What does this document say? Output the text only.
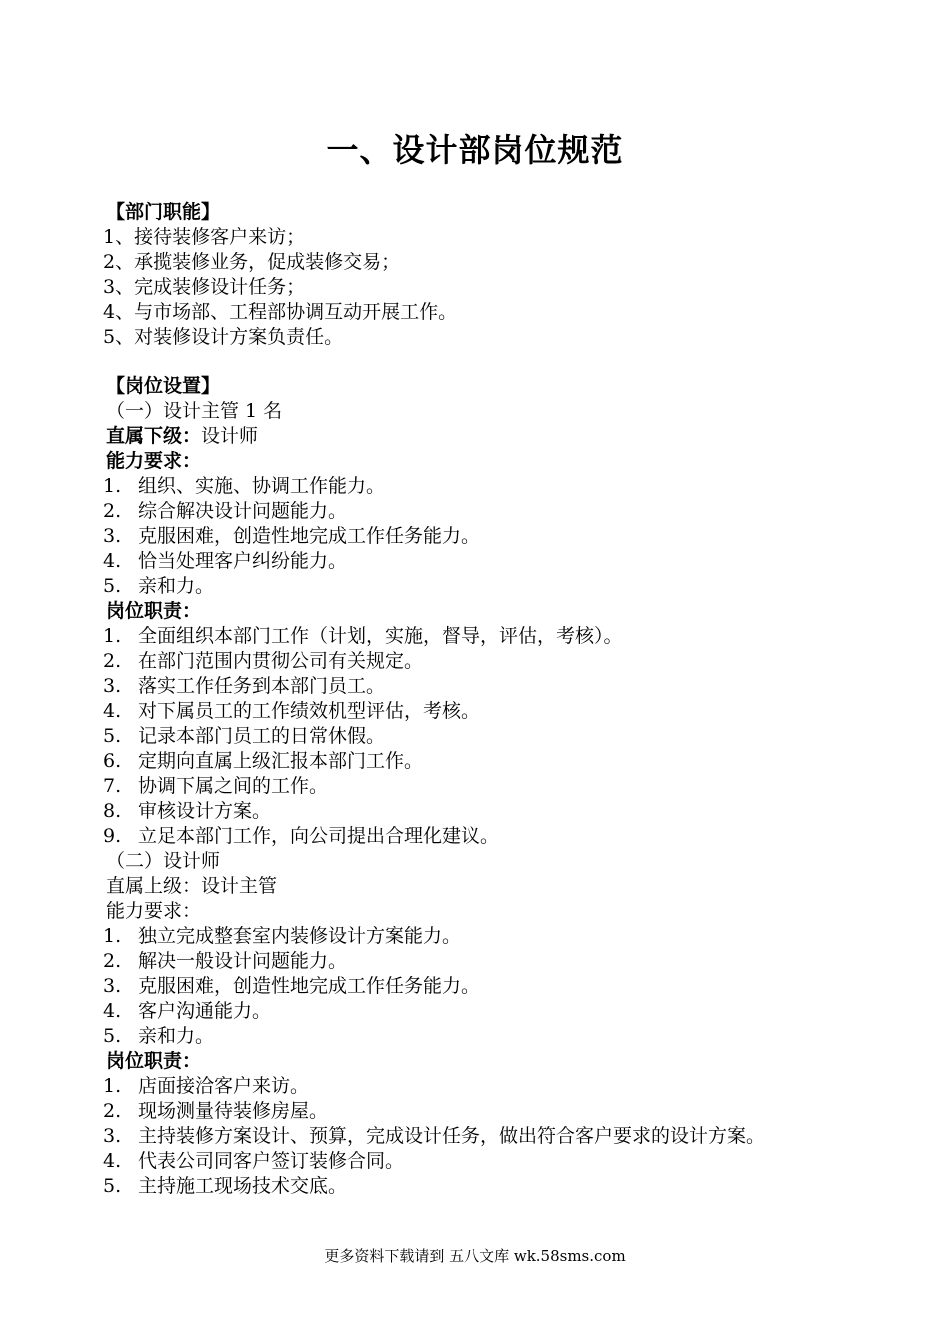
一、设计部岗位规范
【部门职能】
1、接待装修客户来访；
2、承揽装修业务，促成装修交易；
3、完成装修设计任务；
4、与市场部、工程部协调互动开展工作。
5、对装修设计方案负责任。
【岗位设置】
（一）设计主管 1 名
直属下级：设计师
能力要求：
1. 组织、实施、协调工作能力。
2. 综合解决设计问题能力。
3. 克服困难，创造性地完成工作任务能力。
4. 恰当处理客户纠纷能力。
5. 亲和力。
岗位职责：
1. 全面组织本部门工作（计划，实施，督导，评估，考核）。
2. 在部门范围内贯彻公司有关规定。
3. 落实工作任务到本部门员工。
4. 对下属员工的工作绩效机型评估，考核。
5. 记录本部门员工的日常休假。
6. 定期向直属上级汇报本部门工作。
7. 协调下属之间的工作。
8. 审核设计方案。
9. 立足本部门工作，向公司提出合理化建议。
（二）设计师
直属上级：设计主管
能力要求：
1. 独立完成整套室内装修设计方案能力。
2. 解决一般设计问题能力。
3. 克服困难，创造性地完成工作任务能力。
4. 客户沟通能力。
5. 亲和力。
岗位职责：
1. 店面接洽客户来访。
2. 现场测量待装修房屋。
3. 主持装修方案设计、预算，完成设计任务，做出符合客户要求的设计方案。
4. 代表公司同客户签订装修合同。
5. 主持施工现场技术交底。
更多资料下载请到 五八文库 wk.58sms.com
